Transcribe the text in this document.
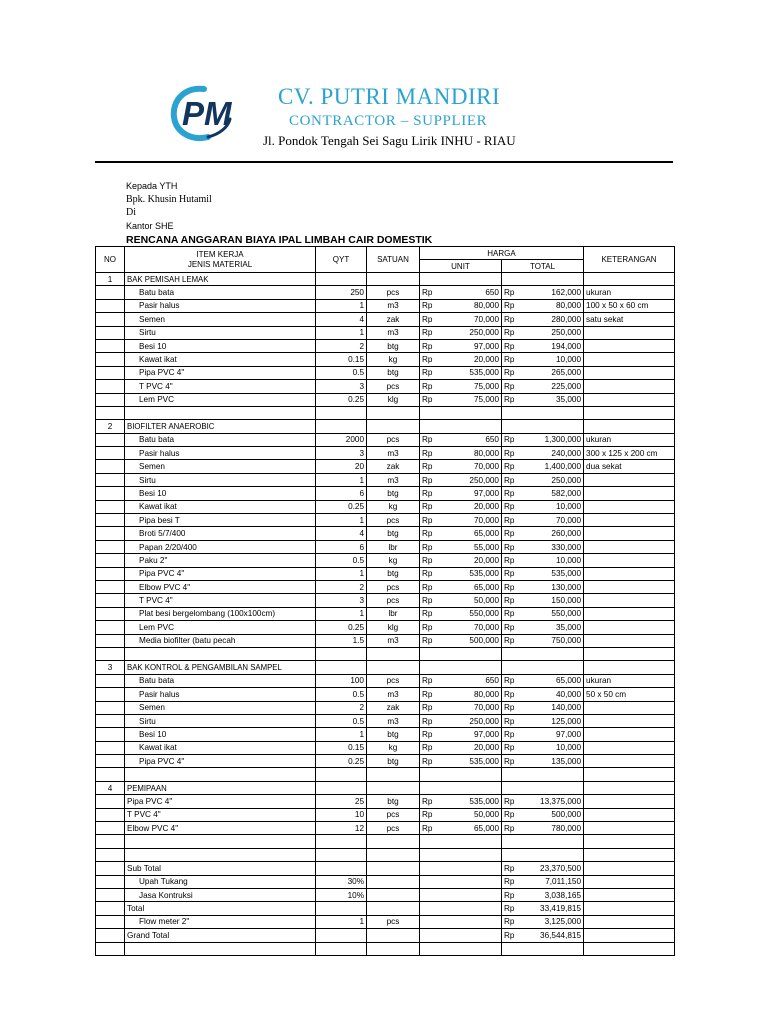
PM CV. PUTRI MANDIRI
CONTRACTOR – SUPPLIER
Jl. Pondok Tengah Sei Sagu Lirik INHU - RIAU
Kepada YTH
Bpk. Khusin Hutamil
Di
Kantor SHE
RENCANA ANGGARAN BIAYA IPAL LIMBAH CAIR DOMESTIK
NO	ITEM KERJA
JENIS MATERIAL	QYT	SATUAN	HARGA				KETERANGAN
				UNIT		TOTAL		
1	BAK PEMISAH LEMAK							
	Batu bata	250	pcs	Rp	650	Rp	162,000	ukuran
	Pasir halus	1	m3	Rp	80,000	Rp	80,000	100 x 50 x 60 cm
	Semen	4	zak	Rp	70,000	Rp	280,000	satu sekat
	Sirtu	1	m3	Rp	250,000	Rp	250,000	
	Besi 10	2	btg	Rp	97,000	Rp	194,000	
	Kawat ikat	0.15	kg	Rp	20,000	Rp	10,000	
	Pipa PVC 4"	0.5	btg	Rp	535,000	Rp	265,000	
	T PVC 4"	3	pcs	Rp	75,000	Rp	225,000	
	Lem PVC	0.25	klg	Rp	75,000	Rp	35,000	

2	BIOFILTER ANAEROBIC							
	Batu bata	2000	pcs	Rp	650	Rp	1,300,000	ukuran
	Pasir halus	3	m3	Rp	80,000	Rp	240,000	300 x 125 x 200 cm
	Semen	20	zak	Rp	70,000	Rp	1,400,000	dua sekat
	Sirtu	1	m3	Rp	250,000	Rp	250,000	
	Besi 10	6	btg	Rp	97,000	Rp	582,000	
	Kawat ikat	0.25	kg	Rp	20,000	Rp	10,000	
	Pipa besi T	1	pcs	Rp	70,000	Rp	70,000	
	Broti 5/7/400	4	btg	Rp	65,000	Rp	260,000	
	Papan 2/20/400	6	lbr	Rp	55,000	Rp	330,000	
	Paku 2"	0.5	kg	Rp	20,000	Rp	10,000	
	Pipa PVC 4"	1	btg	Rp	535,000	Rp	535,000	
	Elbow PVC 4"	2	pcs	Rp	65,000	Rp	130,000	
	T PVC 4"	3	pcs	Rp	50,000	Rp	150,000	
	Plat besi bergelombang (100x100cm)	1	lbr	Rp	550,000	Rp	550,000	
	Lem PVC	0.25	klg	Rp	70,000	Rp	35,000	
	Media biofilter (batu pecah	1.5	m3	Rp	500,000	Rp	750,000	

3	BAK KONTROL & PENGAMBILAN SAMPEL							
	Batu bata	100	pcs	Rp	650	Rp	65,000	ukuran
	Pasir halus	0.5	m3	Rp	80,000	Rp	40,000	50 x 50 cm
	Semen	2	zak	Rp	70,000	Rp	140,000	
	Sirtu	0.5	m3	Rp	250,000	Rp	125,000	
	Besi 10	1	btg	Rp	97,000	Rp	97,000	
	Kawat ikat	0.15	kg	Rp	20,000	Rp	10,000	
	Pipa PVC 4"	0.25	btg	Rp	535,000	Rp	135,000	

4	PEMIPAAN							
	Pipa PVC 4"	25	btg	Rp	535,000	Rp	13,375,000	
	T PVC 4"	10	pcs	Rp	50,000	Rp	500,000	
	Elbow PVC 4"	12	pcs	Rp	65,000	Rp	780,000	

	Sub Total					Rp	23,370,500	
	Upah Tukang	30%				Rp	7,011,150	
	Jasa Kontruksi	10%				Rp	3,038,165	
	Total					Rp	33,419,815	
	Flow meter 2"	1	pcs			Rp	3,125,000	
	Grand Total					Rp	36,544,815	
